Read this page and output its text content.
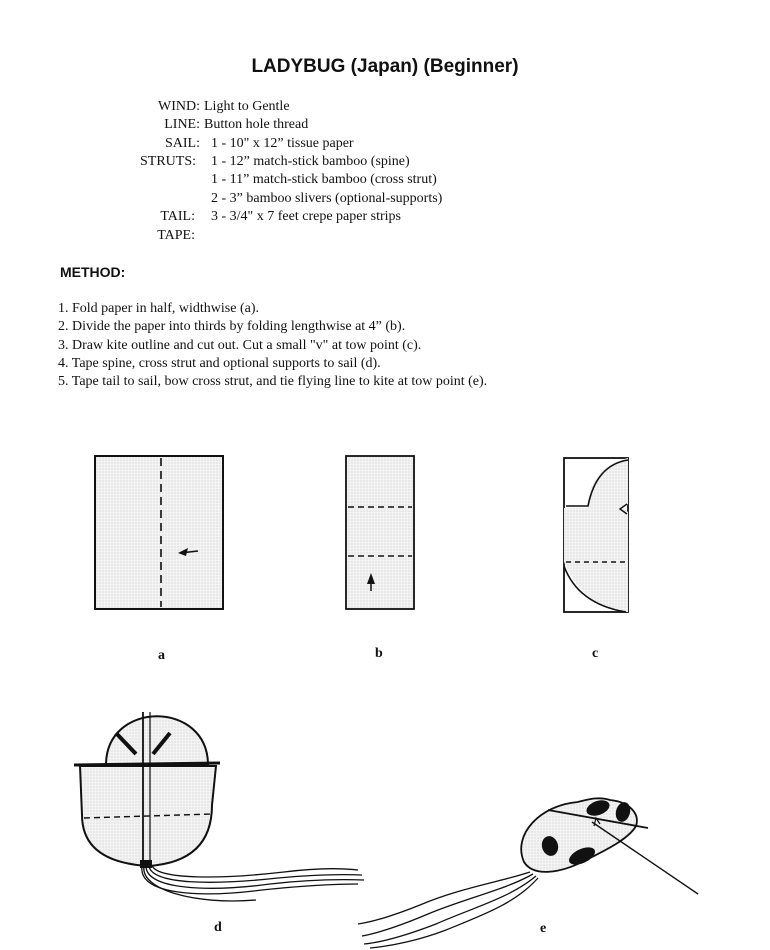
LADYBUG (Japan) (Beginner)
WIND: Light to Gentle
LINE: Button hole thread
SAIL: 1 - 10" x 12” tissue paper
STRUTS: 1 - 12” match-stick bamboo (spine)
1 - 11” match-stick bamboo (cross strut)
2 - 3” bamboo slivers (optional-supports)
TAIL: 3 - 3/4" x 7 feet crepe paper strips
TAPE:
METHOD:
1. Fold paper in half, widthwise (a).
2. Divide the paper into thirds by folding lengthwise at 4” (b).
3. Draw kite outline and cut out. Cut a small "v" at tow point (c).
4. Tape spine, cross strut and optional supports to sail (d).
5. Tape tail to sail, bow cross strut, and tie flying line to kite at tow point (e).
a	b	c
d	e
